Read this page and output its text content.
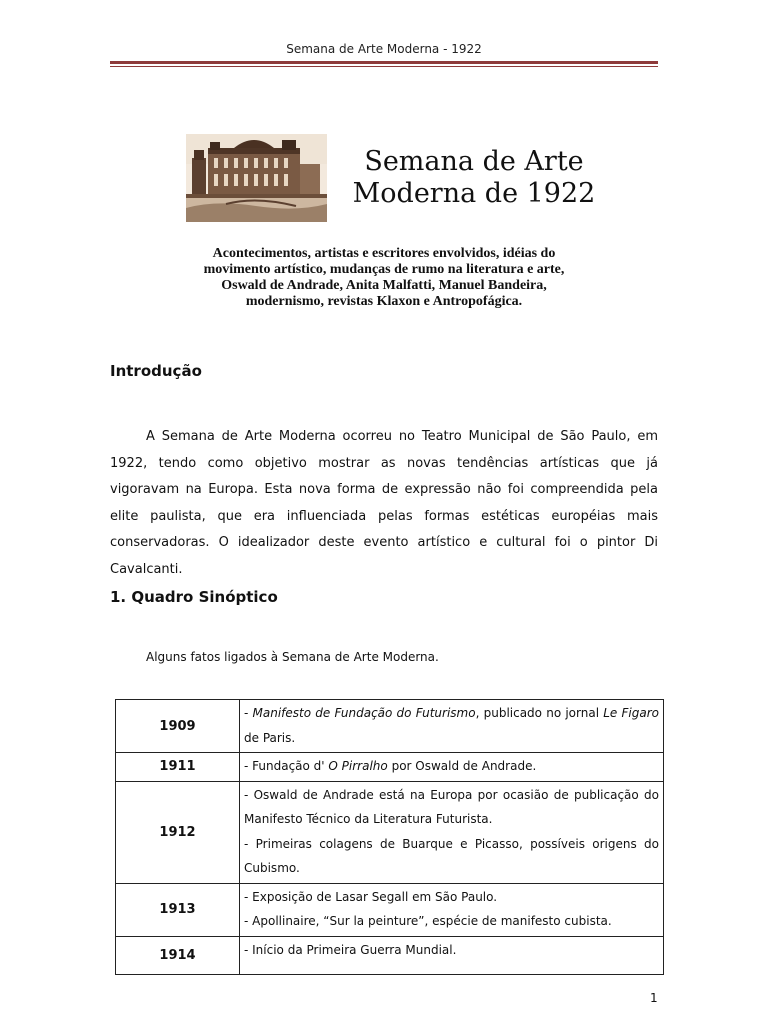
Semana de Arte Moderna - 1922
Semana de Arte
Moderna de 1922
Acontecimentos, artistas e escritores envolvidos, idéias do
movimento artístico, mudanças de rumo na literatura e arte,
Oswald de Andrade, Anita Malfatti, Manuel Bandeira,
modernismo, revistas Klaxon e Antropofágica.
Introdução

A Semana de Arte Moderna ocorreu no Teatro Municipal de São Paulo, em 1922, tendo como objetivo mostrar as novas tendências artísticas que já vigoravam na Europa. Esta nova forma de expressão não foi compreendida pela elite paulista, que era influenciada pelas formas estéticas européias mais conservadoras. O idealizador deste evento artístico e cultural foi o pintor Di Cavalcanti.

1. Quadro Sinóptico
Alguns fatos ligados à Semana de Arte Moderna.
1909	- Manifesto de Fundação do Futurismo, publicado no jornal Le Figaro de Paris.

1911	- Fundação d' O Pirralho por Oswald de Andrade.

1912	- Oswald de Andrade está na Europa por ocasião de publicação do Manifesto Técnico da Literatura Futurista.

- Primeiras colagens de Buarque e Picasso, possíveis origens do Cubismo.

1913	- Exposição de Lasar Segall em São Paulo.

- Apollinaire, “Sur la peinture”, espécie de manifesto cubista.

1914	- Início da Primeira Guerra Mundial.

1
